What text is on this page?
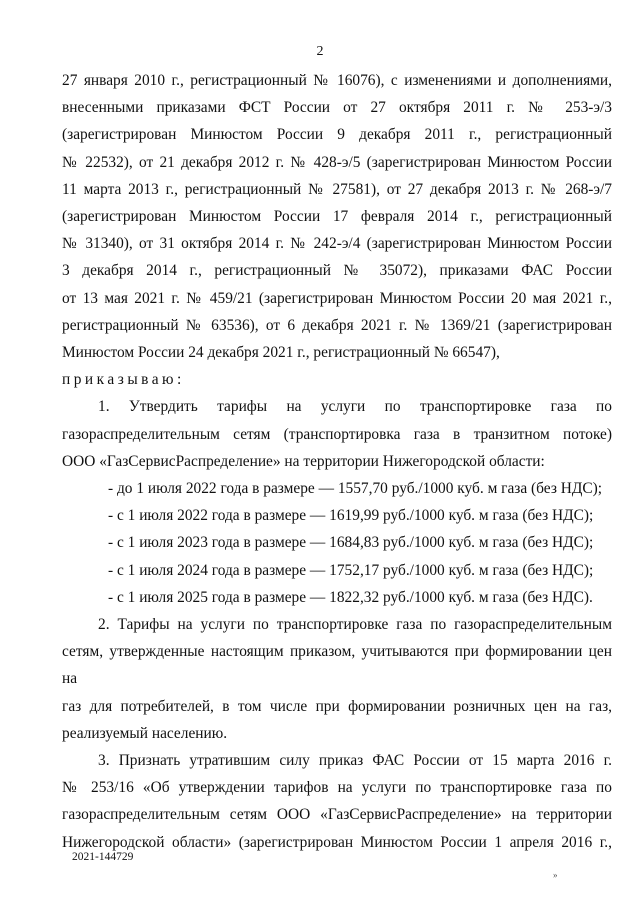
2
27 января 2010 г., регистрационный № 16076), с изменениями и дополнениями,
внесенными приказами ФСТ России от 27 октября 2011 г. № 253-э/3
(зарегистрирован Минюстом России 9 декабря 2011 г., регистрационный
№ 22532), от 21 декабря 2012 г. № 428-э/5 (зарегистрирован Минюстом России
11 марта 2013 г., регистрационный № 27581), от 27 декабря 2013 г. № 268-э/7
(зарегистрирован Минюстом России 17 февраля 2014 г., регистрационный
№ 31340), от 31 октября 2014 г. № 242-э/4 (зарегистрирован Минюстом России
3 декабря 2014 г., регистрационный № 35072), приказами ФАС России
от 13 мая 2021 г. № 459/21 (зарегистрирован Минюстом России 20 мая 2021 г.,
регистрационный № 63536), от 6 декабря 2021 г. № 1369/21 (зарегистрирован
Минюстом России 24 декабря 2021 г., регистрационный № 66547),
приказываю:
1. Утвердить тарифы на услуги по транспортировке газа по
газораспределительным сетям (транспортировка газа в транзитном потоке)
ООО «ГазСервисРаспределение» на территории Нижегородской области:
- до 1 июля 2022 года в размере — 1557,70 руб./1000 куб. м газа (без НДС);
- с 1 июля 2022 года в размере — 1619,99 руб./1000 куб. м газа (без НДС);
- с 1 июля 2023 года в размере — 1684,83 руб./1000 куб. м газа (без НДС);
- с 1 июля 2024 года в размере — 1752,17 руб./1000 куб. м газа (без НДС);
- с 1 июля 2025 года в размере — 1822,32 руб./1000 куб. м газа (без НДС).
2. Тарифы на услуги по транспортировке газа по газораспределительным
сетям, утвержденные настоящим приказом, учитываются при формировании цен на
газ для потребителей, в том числе при формировании розничных цен на газ,
реализуемый населению.
3. Признать утратившим силу приказ ФАС России от 15 марта 2016 г.
№ 253/16 «Об утверждении тарифов на услуги по транспортировке газа по
газораспределительным сетям ООО «ГазСервисРаспределение» на территории
Нижегородской области» (зарегистрирован Минюстом России 1 апреля 2016 г.,
2021-144729
»
